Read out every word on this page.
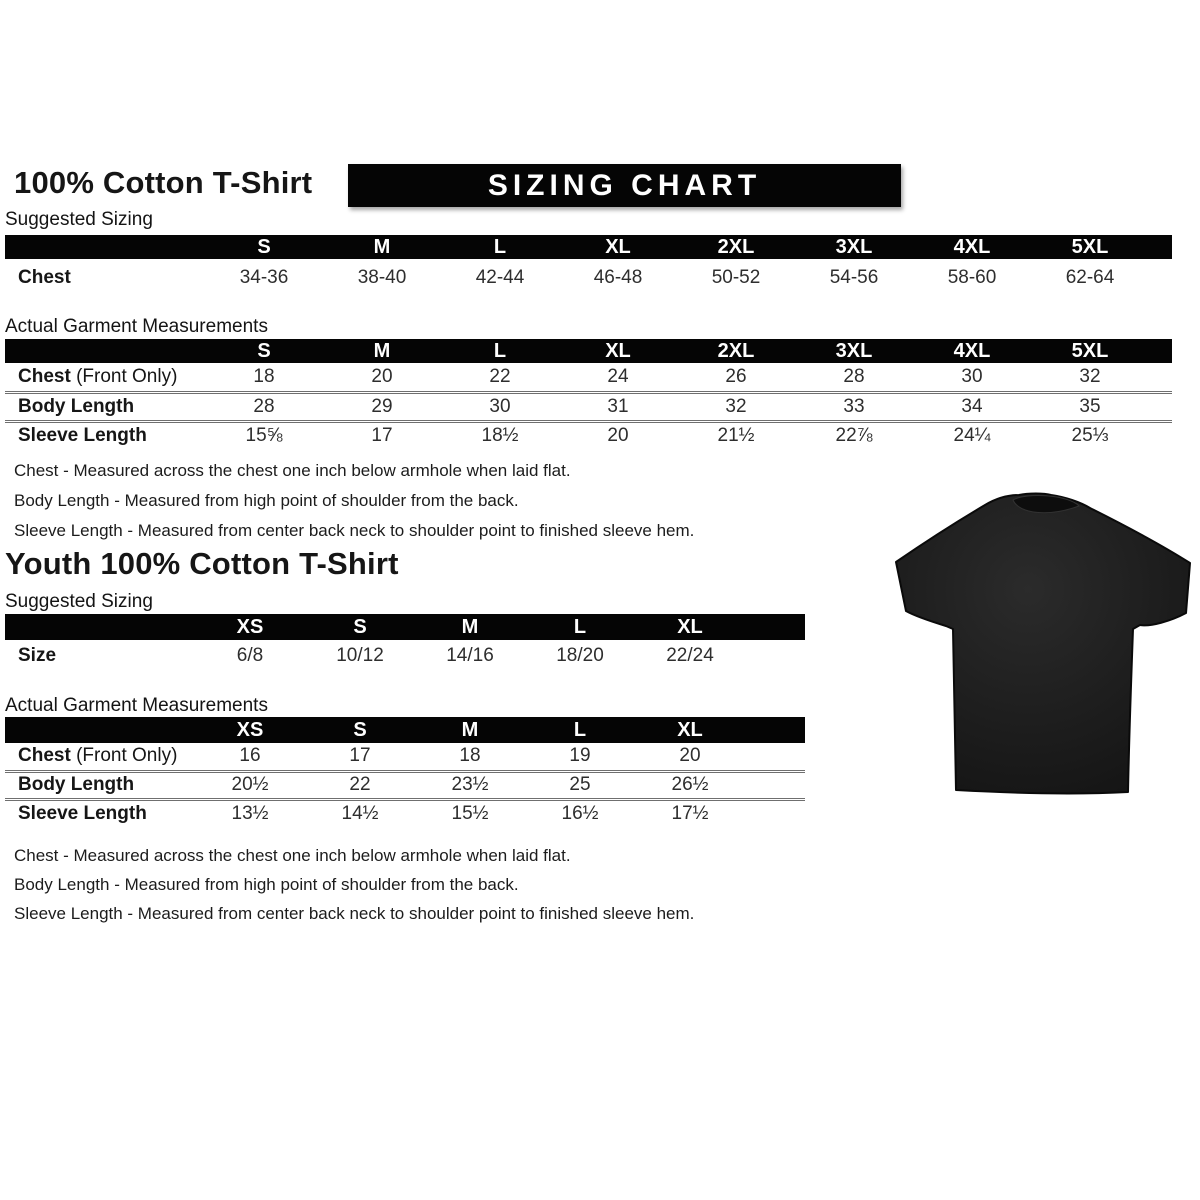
100% Cotton T-Shirt	SIZING CHART
Suggested Sizing
	S	M	L	XL	2XL	3XL	4XL	5XL	
Chest	34-36	38-40	42-44	46-48	50-52	54-56	58-60	62-64	
Actual Garment Measurements
	S	M	L	XL	2XL	3XL	4XL	5XL	
Chest (Front Only)	18	20	22	24	26	28	30	32	
Body Length	28	29	30	31	32	33	34	35	
Sleeve Length	15⅝	17	18½	20	21½	22⅞	24¼	25⅓	
Chest - Measured across the chest one inch below armhole when laid flat.
Body Length - Measured from high point of shoulder from the back.
Sleeve Length - Measured from center back neck to shoulder point to finished sleeve hem.
Youth 100% Cotton T-Shirt
Suggested Sizing
	XS	S	M	L	XL	
Size	6/8	10/12	14/16	18/20	22/24	
Actual Garment Measurements
	XS	S	M	L	XL	
Chest (Front Only)	16	17	18	19	20	
Body Length	20½	22	23½	25	26½	
Sleeve Length	13½	14½	15½	16½	17½	
Chest - Measured across the chest one inch below armhole when laid flat.
Body Length - Measured from high point of shoulder from the back.
Sleeve Length - Measured from center back neck to shoulder point to finished sleeve hem.
